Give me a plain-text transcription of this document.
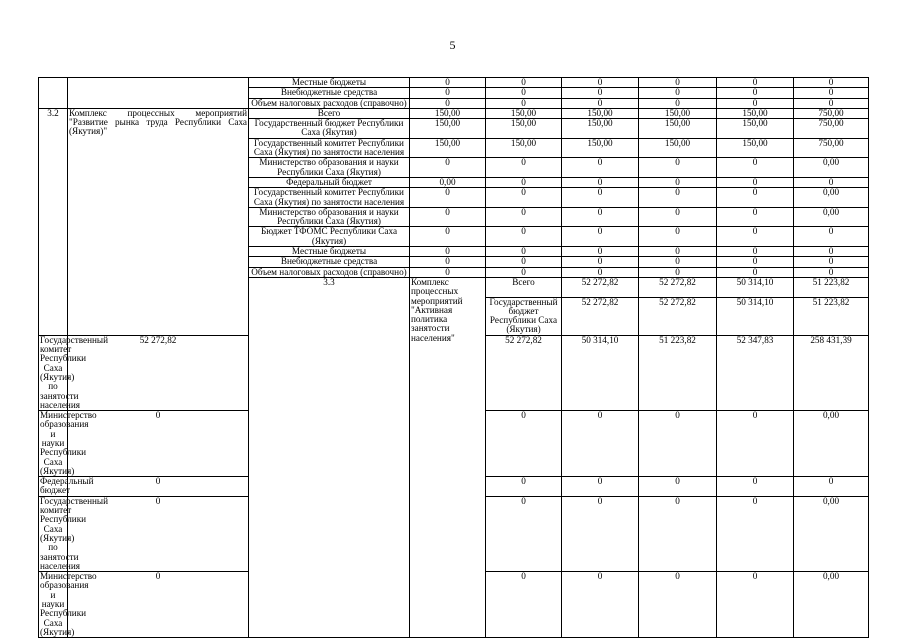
5
		Местные бюджеты	0	0	0	0	0	0	
		Внебюджетные средства	0	0	0	0	0	0	
		Объем налоговых расходов (справочно)	0	0	0	0	0	0	
3.2	Комплекс процессных мероприятий "Развитие рынка труда Республики Саха (Якутия)"	Всего	150,00	150,00	150,00	150,00	150,00	750,00	
		Государственный бюджет Республики Саха (Якутия)	150,00	150,00	150,00	150,00	150,00	750,00	
		Государственный комитет Республики Саха (Якутия) по занятости населения	150,00	150,00	150,00	150,00	150,00	750,00	
		Министерство образования и науки Республики Саха (Якутия)	0	0	0	0	0	0,00	
		Федеральный бюджет	0,00	0	0	0	0	0	
		Государственный комитет Республики Саха (Якутия) по занятости населения	0	0	0	0	0	0,00	
		Министерство образования и науки Республики Саха (Якутия)	0	0	0	0	0	0,00	
		Бюджет ТФОМС Республики Саха (Якутия)	0	0	0	0	0	0	
		Местные бюджеты	0	0	0	0	0	0	
		Внебюджетные средства	0	0	0	0	0	0	
		Объем налоговых расходов (справочно)	0	0	0	0	0	0	
		3.3	Комплекс процессных мероприятий "Активная политика занятости населения"	Всего	52 272,82	52 272,82	50 314,10	51 223,82		
				Государственный бюджет Республики Саха (Якутия)	52 272,82	52 272,82	50 314,10	51 223,82		
Государственный комитет Республики Саха (Якутия) по занятости населения	52 272,82			52 272,82	50 314,10	51 223,82	52 347,83	258 431,39	
Министерство образования и науки Республики Саха (Якутия)	0			0	0	0	0	0,00	
Федеральный бюджет	0			0	0	0	0	0	
Государственный комитет Республики Саха (Якутия) по занятости населения	0			0	0	0	0	0,00	
Министерство образования и науки Республики Саха (Якутия)	0			0	0	0	0	0,00	
